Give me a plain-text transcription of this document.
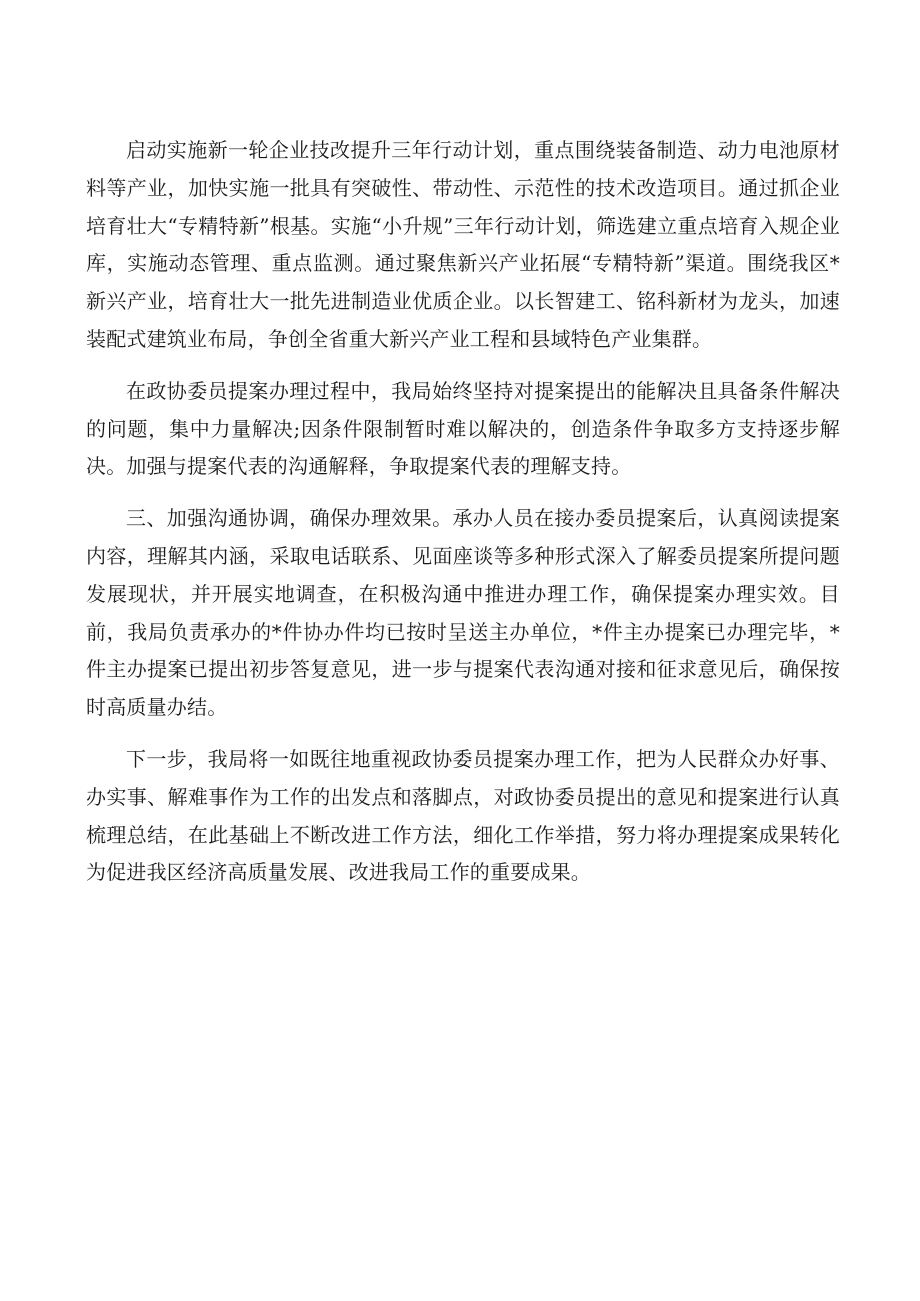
启动实施新一轮企业技改提升三年行动计划，重点围绕装备制造、动力电池原材料等产业，加快实施一批具有突破性、带动性、示范性的技术改造项目。通过抓企业培育壮大“专精特新”根基。实施“小升规”三年行动计划，筛选建立重点培育入规企业库，实施动态管理、重点监测。通过聚焦新兴产业拓展“专精特新”渠道。围绕我区*新兴产业，培育壮大一批先进制造业优质企业。以长智建工、铭科新材为龙头，加速装配式建筑业布局，争创全省重大新兴产业工程和县域特色产业集群。

在政协委员提案办理过程中，我局始终坚持对提案提出的能解决且具备条件解决的问题，集中力量解决;因条件限制暂时难以解决的，创造条件争取多方支持逐步解决。加强与提案代表的沟通解释，争取提案代表的理解支持。

三、加强沟通协调，确保办理效果。承办人员在接办委员提案后，认真阅读提案内容，理解其内涵，采取电话联系、见面座谈等多种形式深入了解委员提案所提问题发展现状，并开展实地调查，在积极沟通中推进办理工作，确保提案办理实效。目前，我局负责承办的*件协办件均已按时呈送主办单位，*件主办提案已办理完毕，*件主办提案已提出初步答复意见，进一步与提案代表沟通对接和征求意见后，确保按时高质量办结。

下一步，我局将一如既往地重视政协委员提案办理工作，把为人民群众办好事、办实事、解难事作为工作的出发点和落脚点，对政协委员提出的意见和提案进行认真梳理总结，在此基础上不断改进工作方法，细化工作举措，努力将办理提案成果转化为促进我区经济高质量发展、改进我局工作的重要成果。
